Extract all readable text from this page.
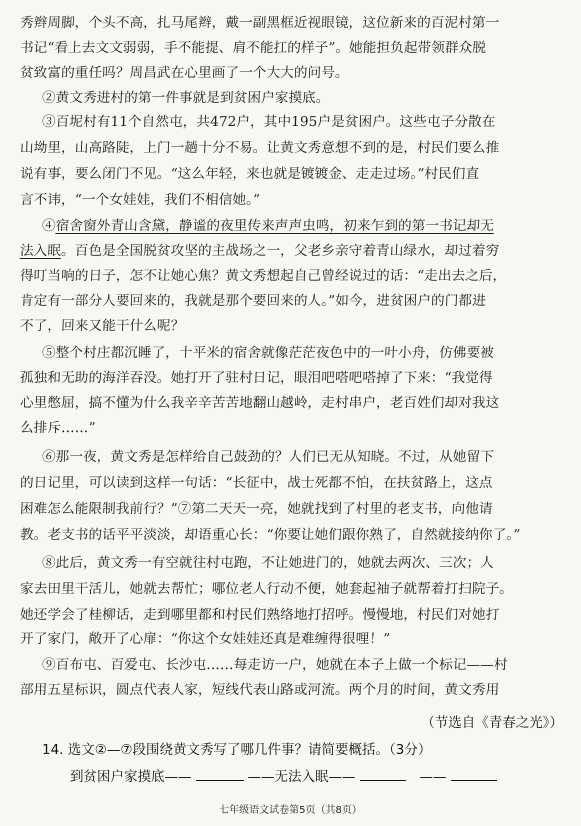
秀辫周脚，个头不高，扎马尾辫，戴一副黑框近视眼镜，这位新来的百泥村第一
书记“看上去文文弱弱，手不能提、肩不能扛的样子”。她能担负起带领群众脱
贫致富的重任吗？周昌武在心里画了一个大大的问号。
②黄文秀进村的第一件事就是到贫困户家摸底。
③百坭村有11个自然屯，共472户，其中195户是贫困户。这些屯子分散在
山坳里，山高路陡，上门一趟十分不易。让黄文秀意想不到的是，村民们要么推
说有事，要么闭门不见。“这么年轻，来也就是镀镀金、走走过场。”村民们直
言不讳，“一个女娃娃，我们不相信她。”
④宿舍窗外青山含黛，静谧的夜里传来声声虫鸣，初来乍到的第一书记却无
法入眠。百色是全国脱贫攻坚的主战场之一，父老乡亲守着青山绿水，却过着穷
得叮当响的日子，怎不让她心焦？黄文秀想起自己曾经说过的话：“走出去之后，
肯定有一部分人要回来的，我就是那个要回来的人。”如今，进贫困户的门都进
不了，回来又能干什么呢？
⑤整个村庄都沉睡了，十平米的宿舍就像茫茫夜色中的一叶小舟，仿佛要被
孤独和无助的海洋吞没。她打开了驻村日记，眼泪吧嗒吧嗒掉了下来：“我觉得
心里憋屈，搞不懂为什么我辛辛苦苦地翻山越岭，走村串户，老百姓们却对我这
么排斥……”
⑥那一夜，黄文秀是怎样给自己鼓劲的？人们已无从知晓。不过，从她留下
的日记里，可以读到这样一句话：“长征中，战士死都不怕，在扶贫路上，这点
困难怎么能限制我前行？”⑦第二天天一亮，她就找到了村里的老支书，向他请
教。老支书的话平平淡淡，却语重心长：“你要让她们跟你熟了，自然就接纳你了。”
⑧此后，黄文秀一有空就往村屯跑，不让她进门的，她就去两次、三次；人
家去田里干活儿，她就去帮忙；哪位老人行动不便，她套起袖子就帮着打扫院子。
她还学会了桂柳话，走到哪里都和村民们熟络地打招呼。慢慢地，村民们对她打
开了家门，敞开了心扉：“你这个女娃娃还真是难缠得很哩！”
⑨百布屯、百爱屯、长沙屯……每走访一户，她就在本子上做一个标记——村
部用五星标识，圆点代表人家，短线代表山路或河流。两个月的时间，黄文秀用
（节选自《青春之光》）
14. 选文②—⑦段围绕黄文秀写了哪几件事？请简要概括。（3分）
到贫困户家摸底——	—— 无法入眠——	——
七年级语文试卷第5页（共8页）
